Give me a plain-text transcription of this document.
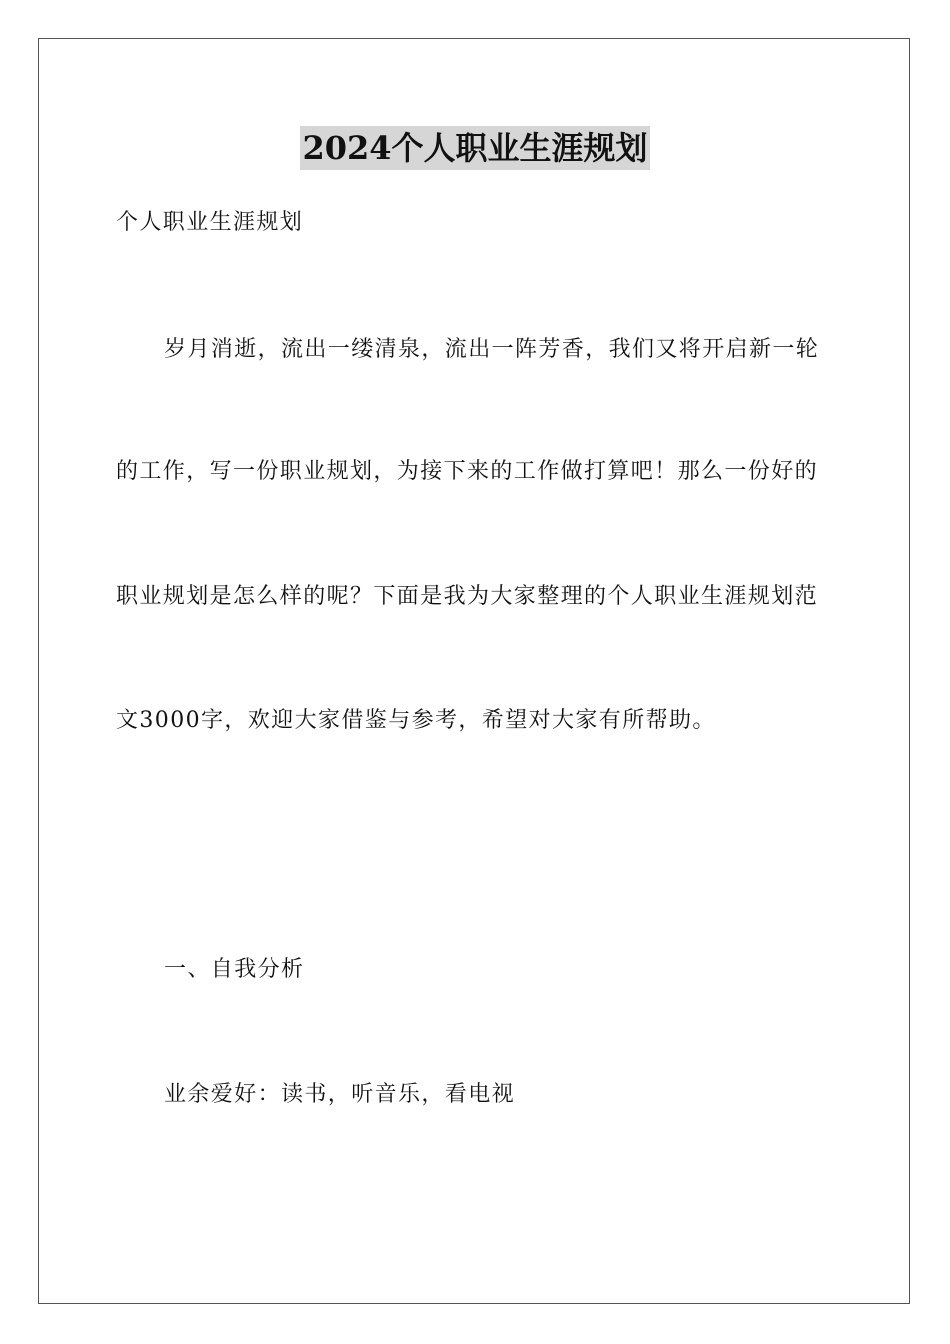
2024个人职业生涯规划
个人职业生涯规划
岁月消逝，流出一缕清泉，流出一阵芳香，我们又将开启新一轮
的工作，写一份职业规划，为接下来的工作做打算吧！那么一份好的
职业规划是怎么样的呢？下面是我为大家整理的个人职业生涯规划范
文3000字，欢迎大家借鉴与参考，希望对大家有所帮助。
一、自我分析
业余爱好：读书，听音乐，看电视
